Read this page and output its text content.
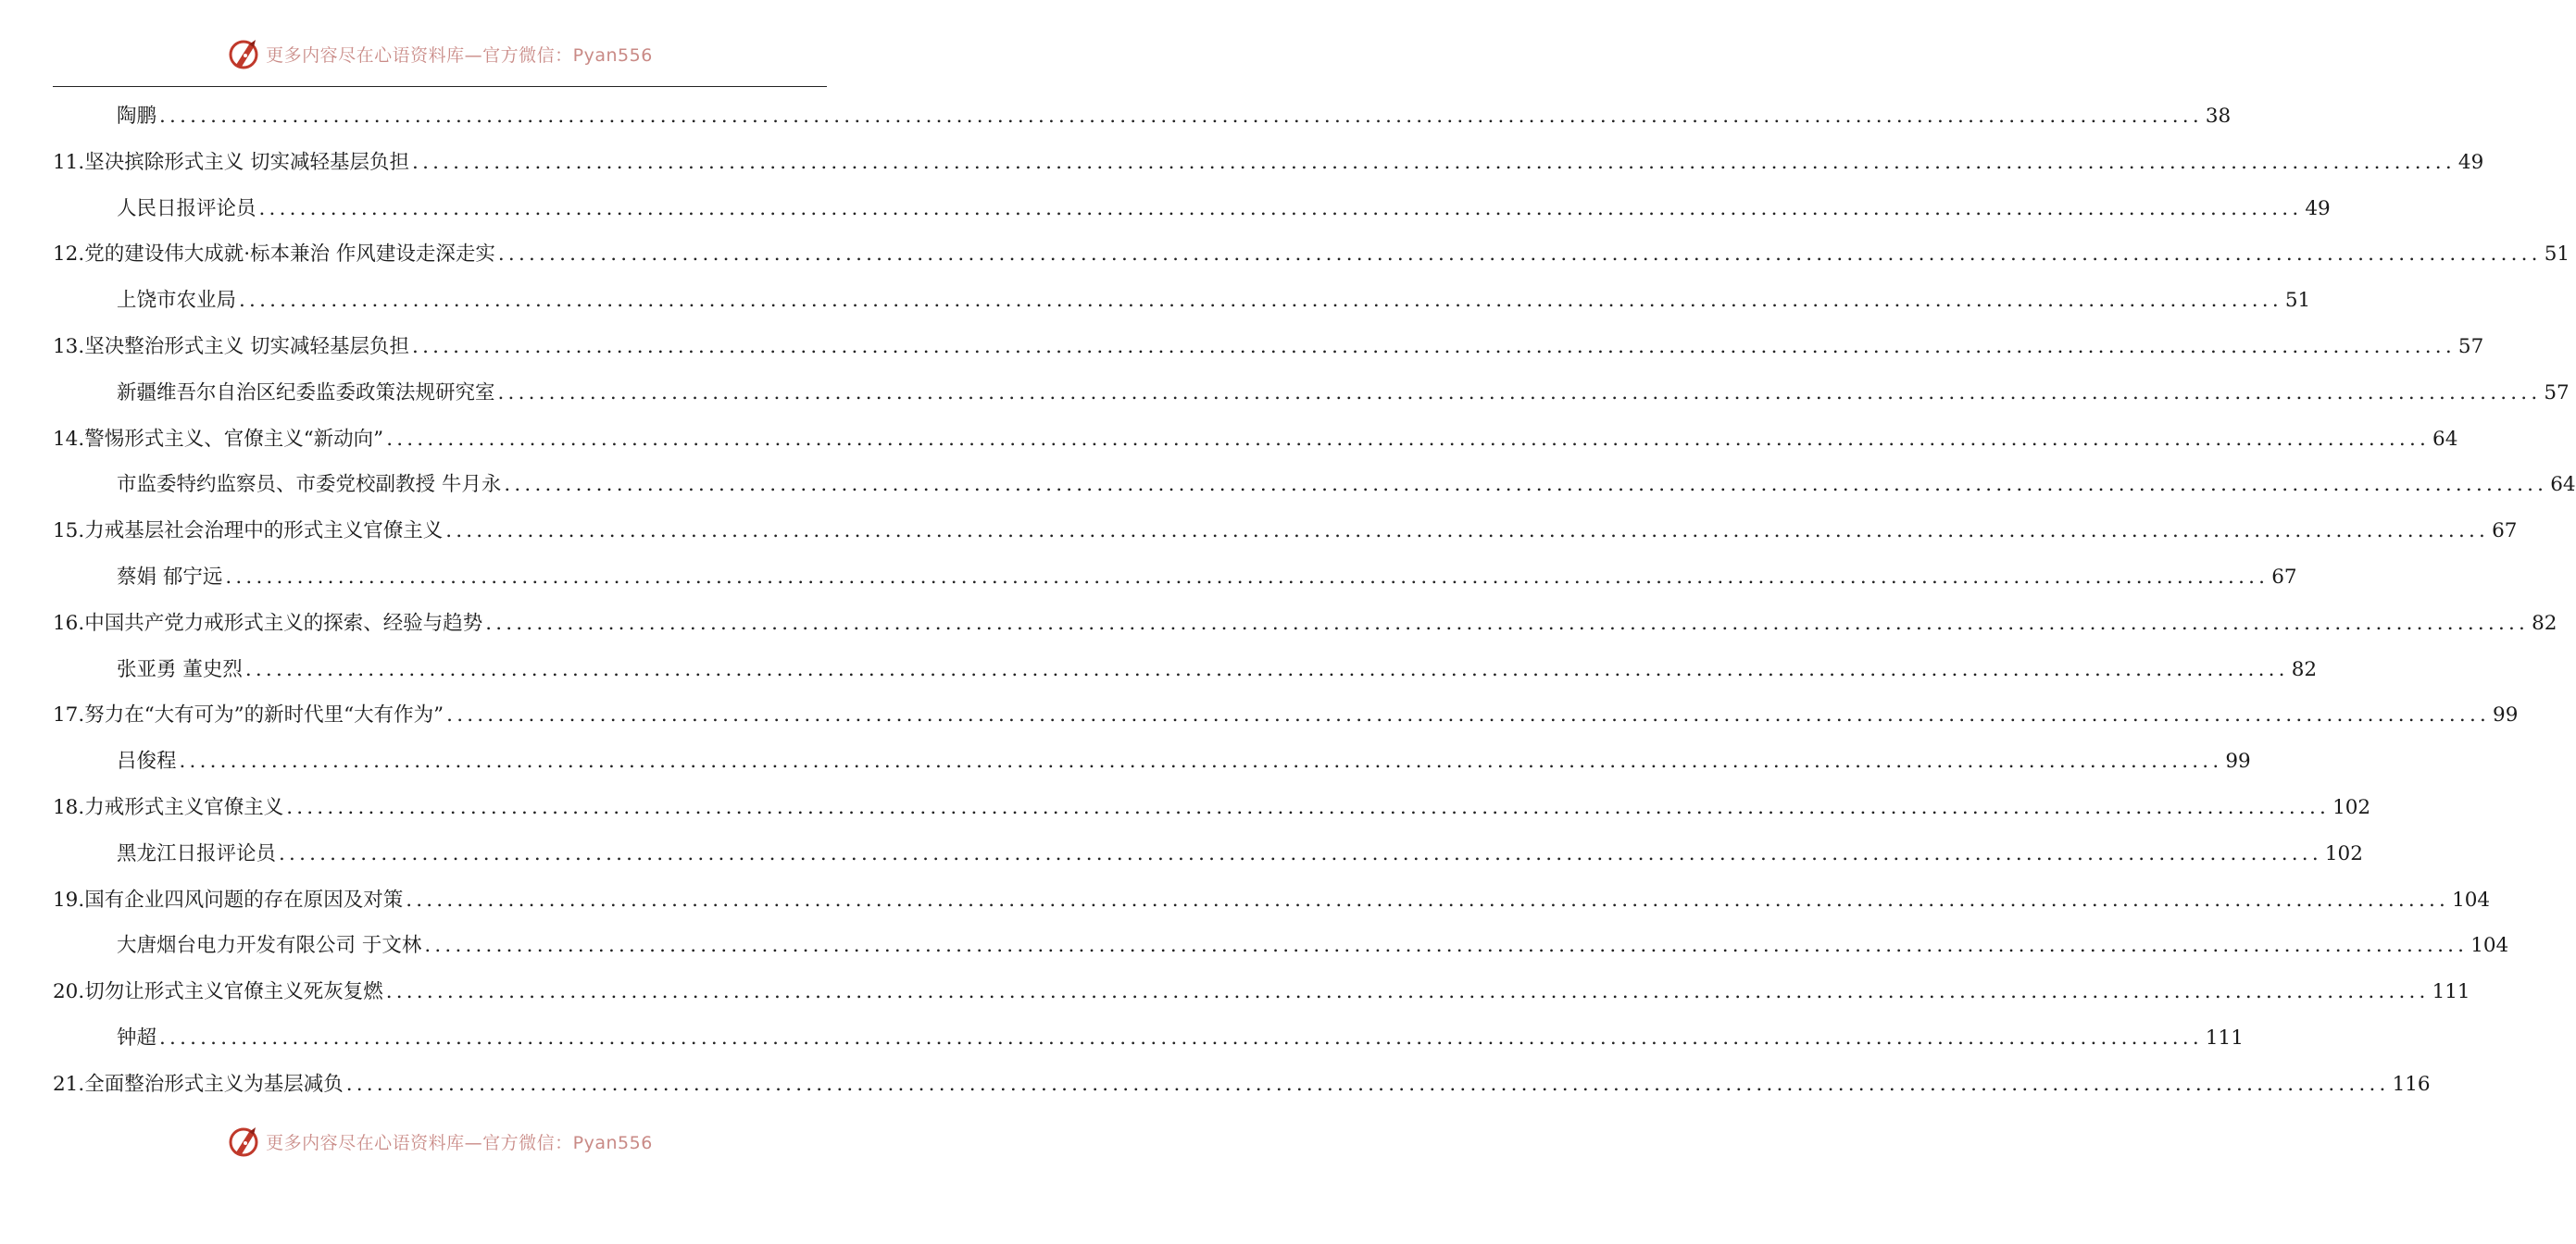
更多内容尽在心语资料库—官方微信：Pyan556
陶鹏 ........................................................................................................................................................................................................ 38
11.坚决摈除形式主义 切实减轻基层负担 ........................................................................................................................................................................................................ 49
人民日报评论员 ........................................................................................................................................................................................................ 49
12.党的建设伟大成就·标本兼治 作风建设走深走实 ........................................................................................................................................................................................................ 51
上饶市农业局 ........................................................................................................................................................................................................ 51
13.坚决整治形式主义 切实减轻基层负担 ........................................................................................................................................................................................................ 57
新疆维吾尔自治区纪委监委政策法规研究室 ........................................................................................................................................................................................................ 57
14.警惕形式主义、官僚主义“新动向” ........................................................................................................................................................................................................ 64
市监委特约监察员、市委党校副教授 牛月永 ........................................................................................................................................................................................................ 64
15.力戒基层社会治理中的形式主义官僚主义 ........................................................................................................................................................................................................ 67
蔡娟 郁宁远 ........................................................................................................................................................................................................ 67
16.中国共产党力戒形式主义的探索、经验与趋势 ........................................................................................................................................................................................................ 82
张亚勇 董史烈 ........................................................................................................................................................................................................ 82
17.努力在“大有可为”的新时代里“大有作为” ........................................................................................................................................................................................................ 99
吕俊程 ........................................................................................................................................................................................................ 99
18.力戒形式主义官僚主义 ........................................................................................................................................................................................................ 102
黑龙江日报评论员 ........................................................................................................................................................................................................ 102
19.国有企业四风问题的存在原因及对策 ........................................................................................................................................................................................................ 104
大唐烟台电力开发有限公司 于文林 ........................................................................................................................................................................................................ 104
20.切勿让形式主义官僚主义死灰复燃 ........................................................................................................................................................................................................ 111
钟超 ........................................................................................................................................................................................................ 111
21.全面整治形式主义为基层减负 ........................................................................................................................................................................................................ 116
更多内容尽在心语资料库—官方微信：Pyan556
